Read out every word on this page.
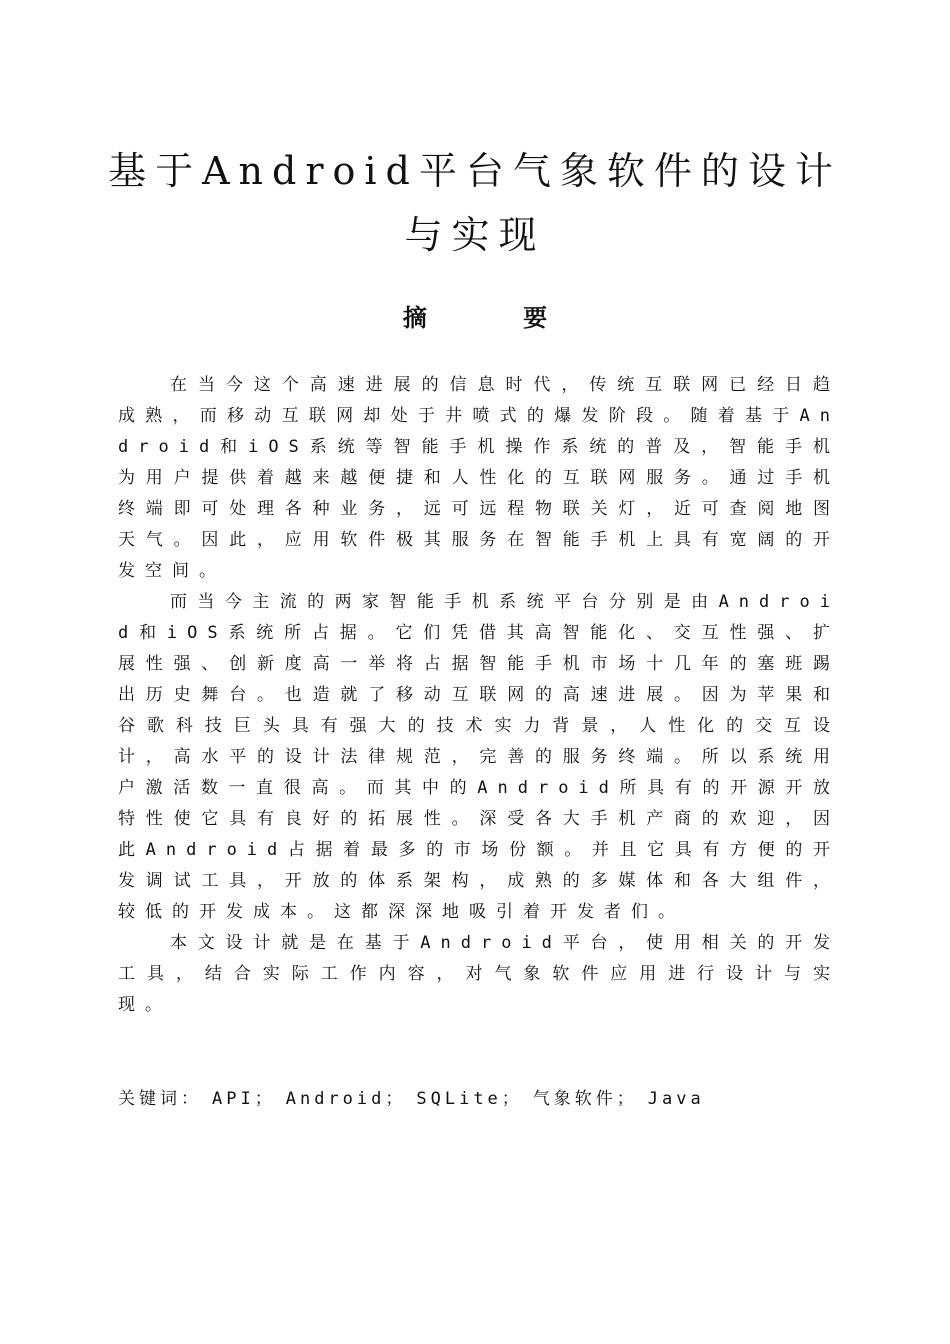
基于Android平台气象软件的设计
与实现
摘 要

在当今这个高速进展的信息时代，传统互联网已经日趋成熟，而移动互联网却处于井喷式的爆发阶段。随着基于Android和iOS系统等智能手机操作系统的普及，智能手机为用户提供着越来越便捷和人性化的互联网服务。通过手机终端即可处理各种业务，远可远程物联关灯，近可查阅地图天气。因此，应用软件极其服务在智能手机上具有宽阔的开发空间。

而当今主流的两家智能手机系统平台分别是由Android和iOS系统所占据。它们凭借其高智能化、交互性强、扩展性强、创新度高一举将占据智能手机市场十几年的塞班踢出历史舞台。也造就了移动互联网的高速进展。因为苹果和谷歌科技巨头具有强大的技术实力背景，人性化的交互设计，高水平的设计法律规范，完善的服务终端。所以系统用户激活数一直很高。而其中的Android所具有的开源开放特性使它具有良好的拓展性。深受各大手机产商的欢迎，因此Android占据着最多的市场份额。并且它具有方便的开发调试工具，开放的体系架构，成熟的多媒体和各大组件，较低的开发成本。这都深深地吸引着开发者们。

本文设计就是在基于Android平台，使用相关的开发工具，结合实际工作内容，对气象软件应用进行设计与实现。

关键词： API； Android； SQLite； 气象软件； Java
